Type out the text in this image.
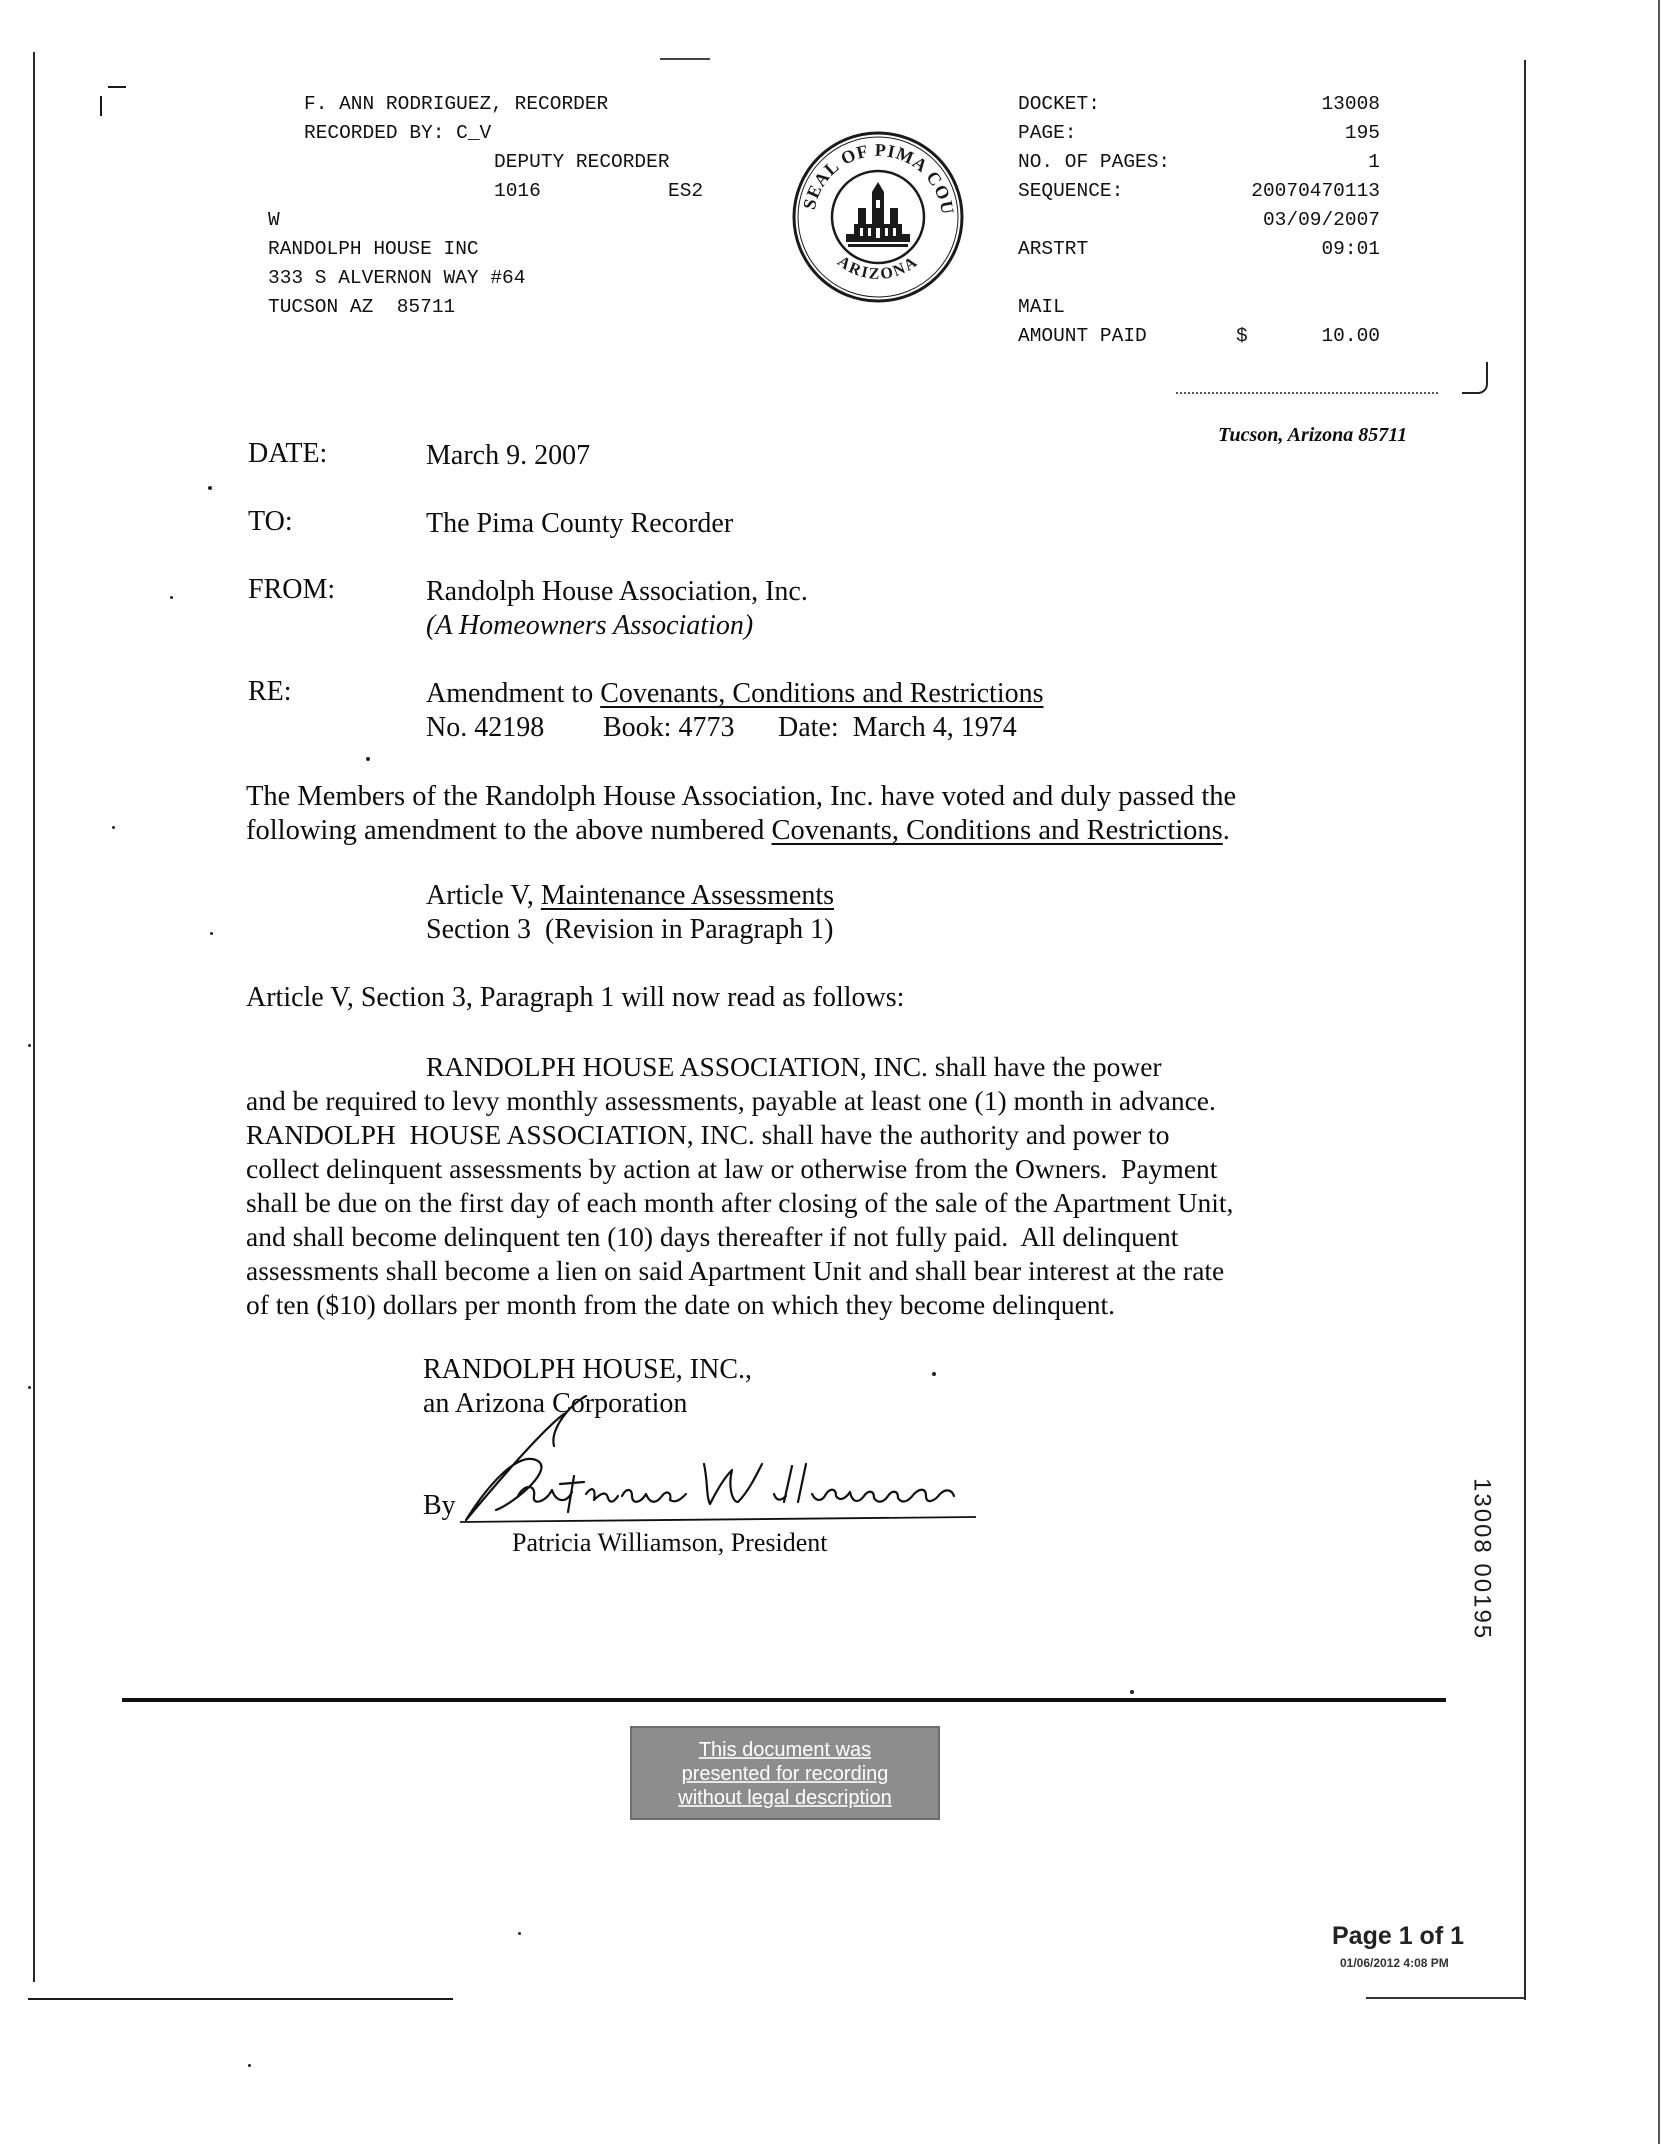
F. ANN RODRIGUEZ, RECORDER
RECORDED BY: C_V
DEPUTY RECORDER
1016	ES2
W
RANDOLPH HOUSE INC
333 S ALVERNON WAY #64
TUCSON AZ  85711
SEAL OF PIMA COU
ARIZONA
DOCKET:	13008
PAGE:	195
NO. OF PAGES:	1
SEQUENCE:	20070470113
03/09/2007
ARSTRT	09:01
MAIL
AMOUNT PAID	$	10.00
Tucson, Arizona 85711
DATE:	March 9. 2007
TO:	The Pima County Recorder
FROM:	Randolph House Association, Inc.
(A Homeowners Association)
RE:	Amendment to Covenants, Conditions and Restrictions
No. 42198 Book: 4773 Date:  March 4, 1974
The Members of the Randolph House Association, Inc. have voted and duly passed the
following amendment to the above numbered Covenants, Conditions and Restrictions.
Article V, Maintenance Assessments
Section 3  (Revision in Paragraph 1)
Article V, Section 3, Paragraph 1 will now read as follows:
RANDOLPH HOUSE ASSOCIATION, INC. shall have the power
and be required to levy monthly assessments, payable at least one (1) month in advance.
RANDOLPH  HOUSE ASSOCIATION, INC. shall have the authority and power to
collect delinquent assessments by action at law or otherwise from the Owners.  Payment
shall be due on the first day of each month after closing of the sale of the Apartment Unit,
and shall become delinquent ten (10) days thereafter if not fully paid.  All delinquent
assessments shall become a lien on said Apartment Unit and shall bear interest at the rate
of ten ($10) dollars per month from the date on which they become delinquent.
RANDOLPH HOUSE, INC.,
an Arizona Corporation
By
Patricia Williamson, President	13008 00195
This document was
presented for recording
without legal description
Page 1 of 1
01/06/2012 4:08 PM
